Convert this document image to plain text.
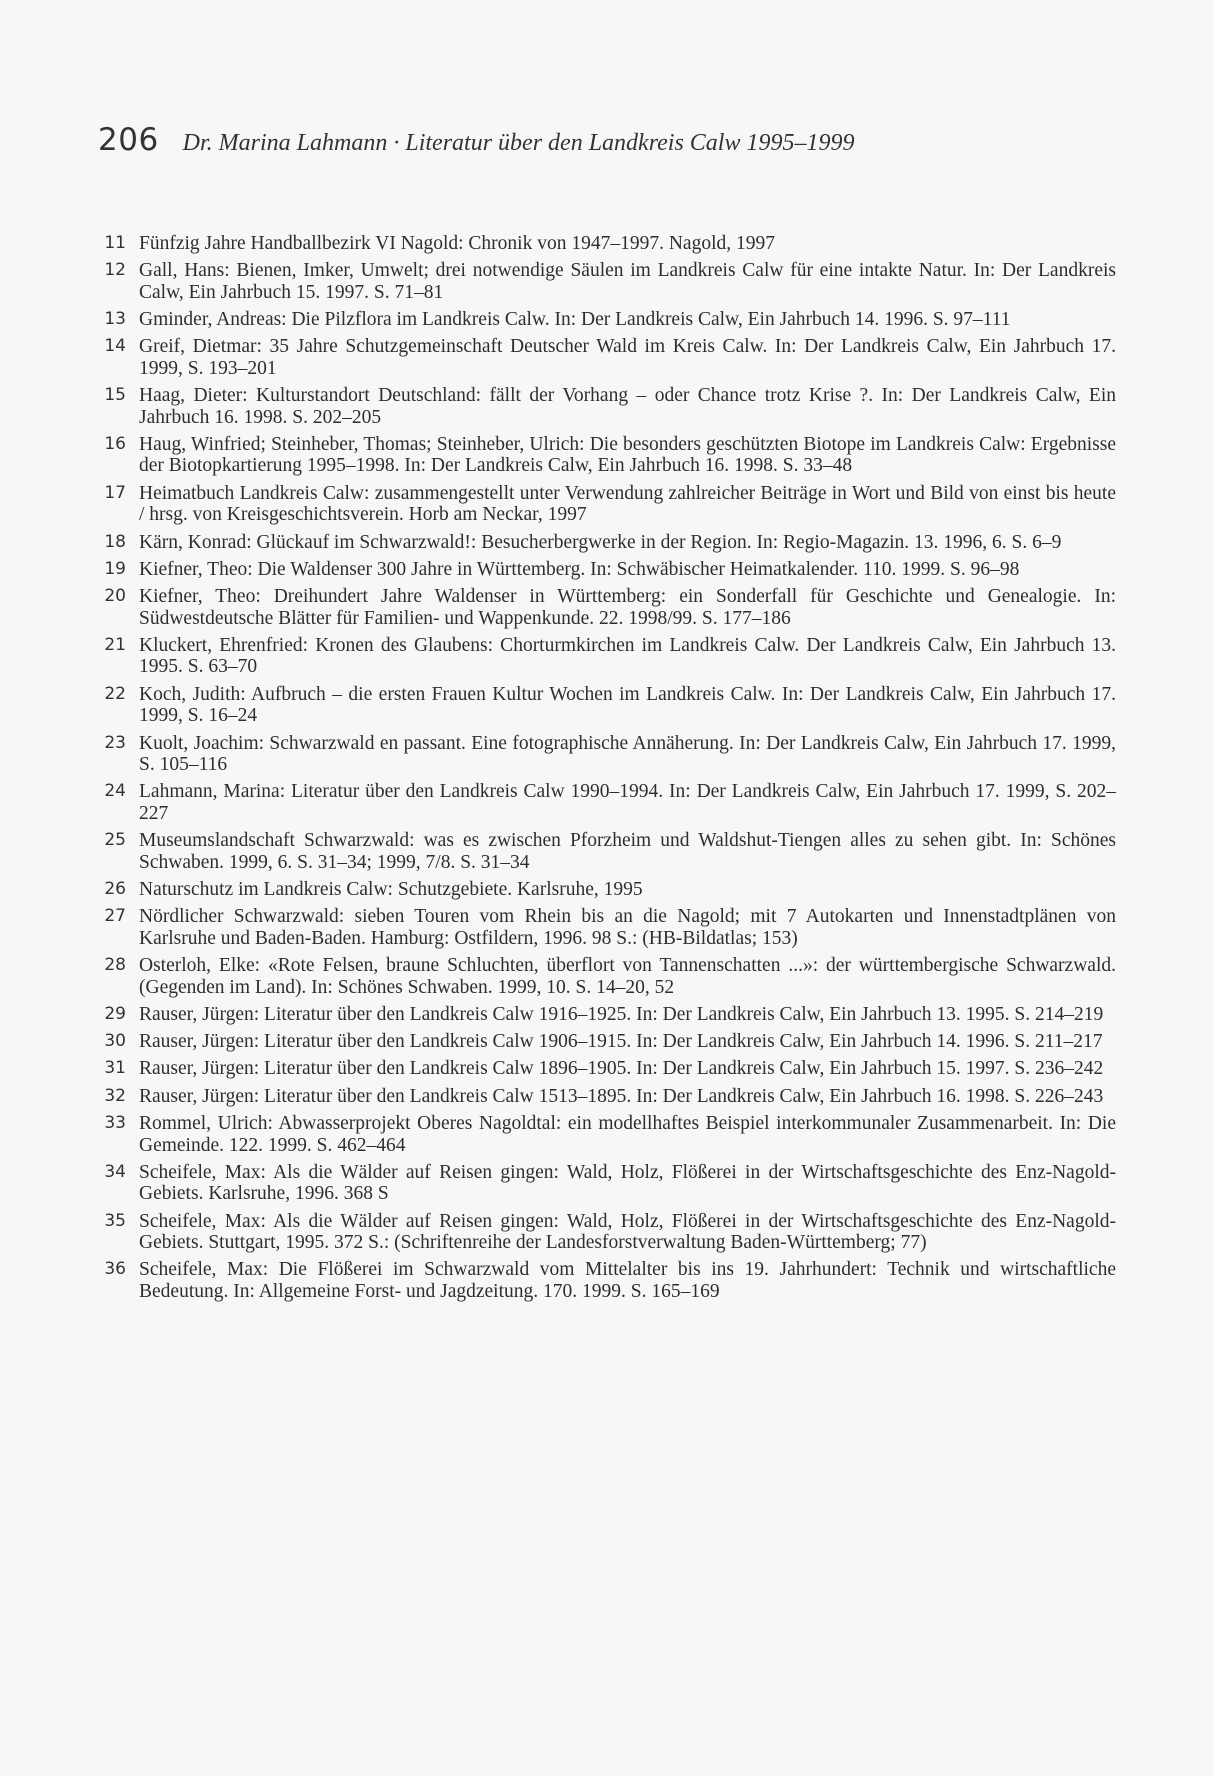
206 Dr. Marina Lahmann · Literatur über den Landkreis Calw 1995–1999
11 Fünfzig Jahre Handballbezirk VI Nagold: Chronik von 1947–1997. Nagold, 1997
12 Gall, Hans: Bienen, Imker, Umwelt; drei notwendige Säulen im Landkreis Calw für eine intakte Natur. In: Der Landkreis Calw, Ein Jahrbuch 15. 1997. S. 71–81
13 Gminder, Andreas: Die Pilzflora im Landkreis Calw. In: Der Landkreis Calw, Ein Jahrbuch 14. 1996. S. 97–111
14 Greif, Dietmar: 35 Jahre Schutzgemeinschaft Deutscher Wald im Kreis Calw. In: Der Landkreis Calw, Ein Jahrbuch 17. 1999, S. 193–201
15 Haag, Dieter: Kulturstandort Deutschland: fällt der Vorhang – oder Chance trotz Krise ?. In: Der Landkreis Calw, Ein Jahrbuch 16. 1998. S. 202–205
16 Haug, Winfried; Steinheber, Thomas; Steinheber, Ulrich: Die besonders geschützten Biotope im Landkreis Calw: Ergebnisse der Biotopkartierung 1995–1998. In: Der Landkreis Calw, Ein Jahrbuch 16. 1998. S. 33–48
17 Heimatbuch Landkreis Calw: zusammengestellt unter Verwendung zahlreicher Beiträge in Wort und Bild von einst bis heute / hrsg. von Kreisgeschichtsverein. Horb am Neckar, 1997
18 Kärn, Konrad: Glückauf im Schwarzwald!: Besucherbergwerke in der Region. In: Regio-Magazin. 13. 1996, 6. S. 6–9
19 Kiefner, Theo: Die Waldenser 300 Jahre in Württemberg. In: Schwäbischer Heimatkalender. 110. 1999. S. 96–98
20 Kiefner, Theo: Dreihundert Jahre Waldenser in Württemberg: ein Sonderfall für Geschichte und Genealogie. In: Südwestdeutsche Blätter für Familien- und Wappenkunde. 22. 1998/99. S. 177–186
21 Kluckert, Ehrenfried: Kronen des Glaubens: Chorturmkirchen im Landkreis Calw. Der Landkreis Calw, Ein Jahrbuch 13. 1995. S. 63–70
22 Koch, Judith: Aufbruch – die ersten Frauen Kultur Wochen im Landkreis Calw. In: Der Landkreis Calw, Ein Jahrbuch 17. 1999, S. 16–24
23 Kuolt, Joachim: Schwarzwald en passant. Eine fotographische Annäherung. In: Der Landkreis Calw, Ein Jahrbuch 17. 1999, S. 105–116
24 Lahmann, Marina: Literatur über den Landkreis Calw 1990–1994. In: Der Landkreis Calw, Ein Jahrbuch 17. 1999, S. 202–227
25 Museumslandschaft Schwarzwald: was es zwischen Pforzheim und Waldshut-Tiengen alles zu sehen gibt. In: Schönes Schwaben. 1999, 6. S. 31–34; 1999, 7/8. S. 31–34
26 Naturschutz im Landkreis Calw: Schutzgebiete. Karlsruhe, 1995
27 Nördlicher Schwarzwald: sieben Touren vom Rhein bis an die Nagold; mit 7 Autokarten und Innenstadtplänen von Karlsruhe und Baden-Baden. Hamburg: Ostfildern, 1996. 98 S.: (HB-Bildatlas; 153)
28 Osterloh, Elke: «Rote Felsen, braune Schluchten, überflort von Tannenschatten ...»: der württembergische Schwarzwald. (Gegenden im Land). In: Schönes Schwaben. 1999, 10. S. 14–20, 52
29 Rauser, Jürgen: Literatur über den Landkreis Calw 1916–1925. In: Der Landkreis Calw, Ein Jahrbuch 13. 1995. S. 214–219
30 Rauser, Jürgen: Literatur über den Landkreis Calw 1906–1915. In: Der Landkreis Calw, Ein Jahrbuch 14. 1996. S. 211–217
31 Rauser, Jürgen: Literatur über den Landkreis Calw 1896–1905. In: Der Landkreis Calw, Ein Jahrbuch 15. 1997. S. 236–242
32 Rauser, Jürgen: Literatur über den Landkreis Calw 1513–1895. In: Der Landkreis Calw, Ein Jahrbuch 16. 1998. S. 226–243
33 Rommel, Ulrich: Abwasserprojekt Oberes Nagoldtal: ein modellhaftes Beispiel interkommunaler Zusammenarbeit. In: Die Gemeinde. 122. 1999. S. 462–464
34 Scheifele, Max: Als die Wälder auf Reisen gingen: Wald, Holz, Flößerei in der Wirtschaftsgeschichte des Enz-Nagold-Gebiets. Karlsruhe, 1996. 368 S
35 Scheifele, Max: Als die Wälder auf Reisen gingen: Wald, Holz, Flößerei in der Wirtschaftsgeschichte des Enz-Nagold-Gebiets. Stuttgart, 1995. 372 S.: (Schriftenreihe der Landesforstverwaltung Baden-Württemberg; 77)
36 Scheifele, Max: Die Flößerei im Schwarzwald vom Mittelalter bis ins 19. Jahrhundert: Technik und wirtschaftliche Bedeutung. In: Allgemeine Forst- und Jagdzeitung. 170. 1999. S. 165–169
